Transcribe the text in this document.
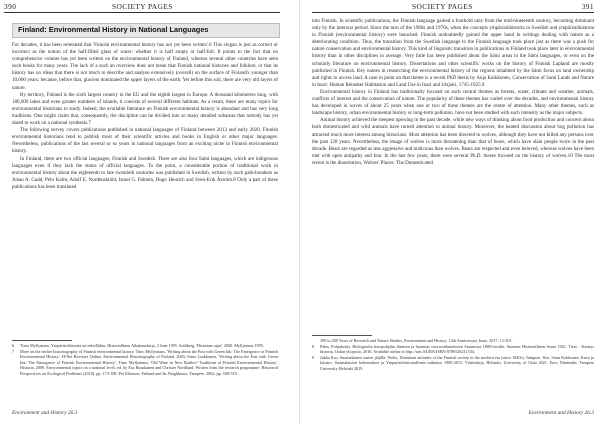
390	SOCIETY PAGES
Finland: Environmental History in National Languages

For decades, it has been reiterated that 'Finnish environmental history has not yet been written'.6 This slogan is just as correct or incorrect as the notion of the half-filled glass of water: whether it is half empty or half-full. It points to the fact that no comprehensive volume has yet been written on the environmental history of Finland, whereas several other countries have seen such books for many years. The lack of a such an overview does not mean that Finnish national histories and folklore, or that its history has no ideas that there is not much to describe and analyse extensively (overall) on the surface of Finland's younger than 10,000 years: because, before that, glaciers dominated the upper layers of the earth. Yet before this soil, there are very old layers of nature.

By territory, Finland is the sixth largest country in the EU and the eighth largest in Europe. A thousand kilometres long, with 180,000 lakes and even greater numbers of islands, it consists of several different habitats. As a result, there are many topics for environmental historians to study. Indeed, the available literature on Finnish environmental history is abundant and has very long traditions. One might claim that, consequently, the discipline can be divided into so many detailed subareas that nobody has yet dared to work on a national synthesis.7

The following survey covers publications published in national languages of Finland between 2013 and early 2020. Finnish environmental historians tend to publish most of their scientific articles and books in English or other major languages. Nevertheless, publications of the last several or so years in national languages form an exciting niche in Finnish environmental history.

In Finland, there are two official languages, Finnish and Swedish. There are also four Sámi languages, which are indigenous languages even if they lack the status of official languages. To the point, a considerable portion of traditional work in environmental history about the eighteenth to late twentieth centuries was published in Swedish, written by such path-breakers as Johan A. Gadd, Pehr Kalm, Adolf E. Nordenskiöld, Israel G. Palmén, Hugo Heurich and Sven-Erik Åström.8 Only a part of these publications has been translated

6 Timo Myllyntaus, Ympäristöhistoria on tekeilläkin, Historiallinen Aikakauskirja, 2 June 1995. Sohlberg, 'Historian rajat', 2000. Myllyntaus 1995.

7 More on the earlier historiography of Finnish environmental history. Timo Myllyntaus, 'Writing about the Past with Green Ink: The Emergence of Finnish Environmental History', H-Net Reviews Online, Environmental Historiography of Finland, 2003; Simo Laakkonen, 'Writing about the Past with Green Ink: The Emergence of Finnish Environmental History', Timo Myllyntaus, 'Old Wine in New Bottles? Traditions of Finnish Environmental History', Historia, 2009. Environmental topics on a national level, ed. by Esa Ruuskanen and Christer Nordlund. Written from the research programme: Historical Perspectives on Ecological Problems (2018), pp. 173-188. Per Eliasson, Finland and Its Neighbours: Tampere, 2002, pp. 508-510.

Environment and History 26.3
SOCIETY PAGES	391

into Finnish. In scientific publications, the Finnish language gained a foothold only from the mid-nineteenth century, becoming dominant only by the interwar period. Since the turn of the 1960s and 1970s, when the concepts ympäristöhistoria in Swedish and ympäristöhistoria in Finnish (environmental history) were launched. Finnish undoubtedly gained the upper hand in writings dealing with nature as a deteriorating condition. Thus, the transition from the Swedish language to the Finnish language took place just as there was a push for nature conservation and environmental history. This kind of linguistic transition in publications in Finland took place later in environmental history than in other disciplines in average. Very little has been published about the Sámi areas in the Sámi languages, or even on the scholarly literature on environmental history. Dissertations and other scientific works on the history of Finnish Lapland are mostly published in Finnish. Key names in researching the environmental history of the regions inhabited by the Sámi focus on land ownership and rights to access land. A case in point on that theme is a recent PhD thesis by Anja Kaikkonen, Conservation of Sami Lands and Nature in Inari: Human Reindeer Habitation and Land Use in Inari and Utsjoki, 1745-1925.9

Environmental history in Finland has traditionally focused on such central themes as forests, water, climate and weather, animals, conflicts of interest and the conservation of nature. The popularity of these themes has varied over the decades, and environmental history has developed in waves of about 25 years when one or two of these themes are the centre of attention. Many other themes, such as landscape history, urban environmental history or long-term pollution, have not been studied with such intensity as the major subjects.

Animal history achieved the steepest upswing in the past decade, while new ways of thinking about food production and concern about both domesticated and wild animals have turned attention to animal history. Moreover, the heated discussion about bog pollution has attracted much more interest among historians. Most attention has been directed to wolves, although they have not killed any persons over the past 120 years. Nevertheless, the image of wolves is more threatening than that of bears, which have slain people twice in the past decade. Bears are regarded as less aggressive and malicious than wolves. Bears are respected and even beloved, whereas wolves have been met with open antipathy and fear. In the last few years, there were several Ph.D. theses focused on the history of wolves.10 The most recent is the dissertation, Wolves' Places: The Domesticated

190 to 200 Years of Research and Nature Studies, Environment and History, 13th Anniversary Issue, 2017, 12-201.

8 Palm. Pohjakoski, Biologiselta tietopohjalta ihmisen ja luonnon vuorovaikutukseen Suomessa 1800-luvulla: Suomen Historiallinen Seura 1921. Tieto - Käsitys historia, Oulun yliopisto, 2016. Available online at http://urn.fi/URN:ISBN:9789526211534.

9 Jukka Ilvo, Suomalainen susien jäljillä: Wolfs, Dominant attitudes of the Finnish society in the modern era (since 1840s). Tampere. Ilvo, Sami Kokkonen, Kuva ja käsitys: Suomalaisten kokemukset ja Ympäristöhistoriallinen tutkimus 1900-2015. Väitöskirja, Helsinki, University of Oulu 2021. Eero Niinimäki, Tampere University Helsinki 2019.

Environment and History 26.3
